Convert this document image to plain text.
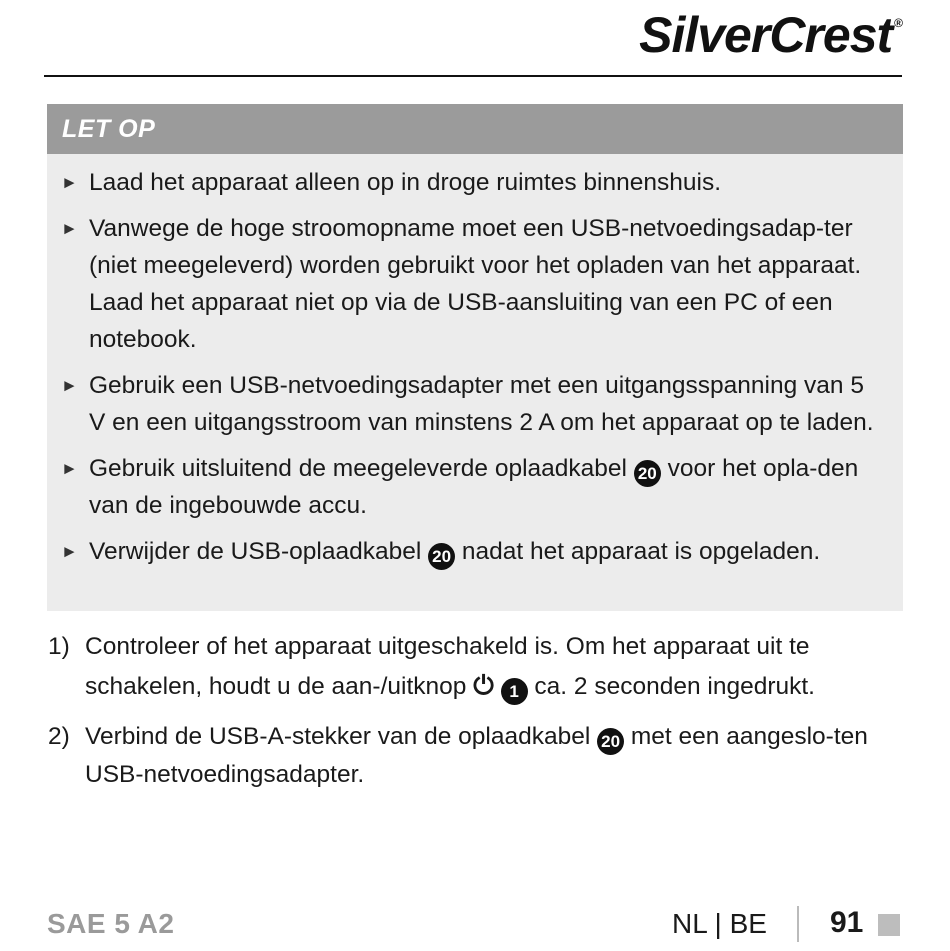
SilverCrest ®
LET OP
► Laad het apparaat alleen op in droge ruimtes binnenshuis.
► Vanwege de hoge stroomopname moet een USB-netvoedingsadap-ter (niet meegeleverd) worden gebruikt voor het opladen van het apparaat. Laad het apparaat niet op via de USB-aansluiting van een PC of een notebook.
► Gebruik een USB-netvoedingsadapter met een uitgangsspanning van 5 V en een uitgangsstroom van minstens 2 A om het apparaat op te laden.
► Gebruik uitsluitend de meegeleverde oplaadkabel 20 voor het opla-den van de ingebouwde accu.
► Verwijder de USB-oplaadkabel 20 nadat het apparaat is opgeladen.
1) Controleer of het apparaat uitgeschakeld is. Om het apparaat uit te schakelen, houdt u de aan-/uitknop ⏻ 1 ca. 2 seconden ingedrukt.
2) Verbind de USB-A-stekker van de oplaadkabel 20 met een aangeslo-ten USB-netvoedingsadapter.
SAE 5 A2	NL | BE 91
